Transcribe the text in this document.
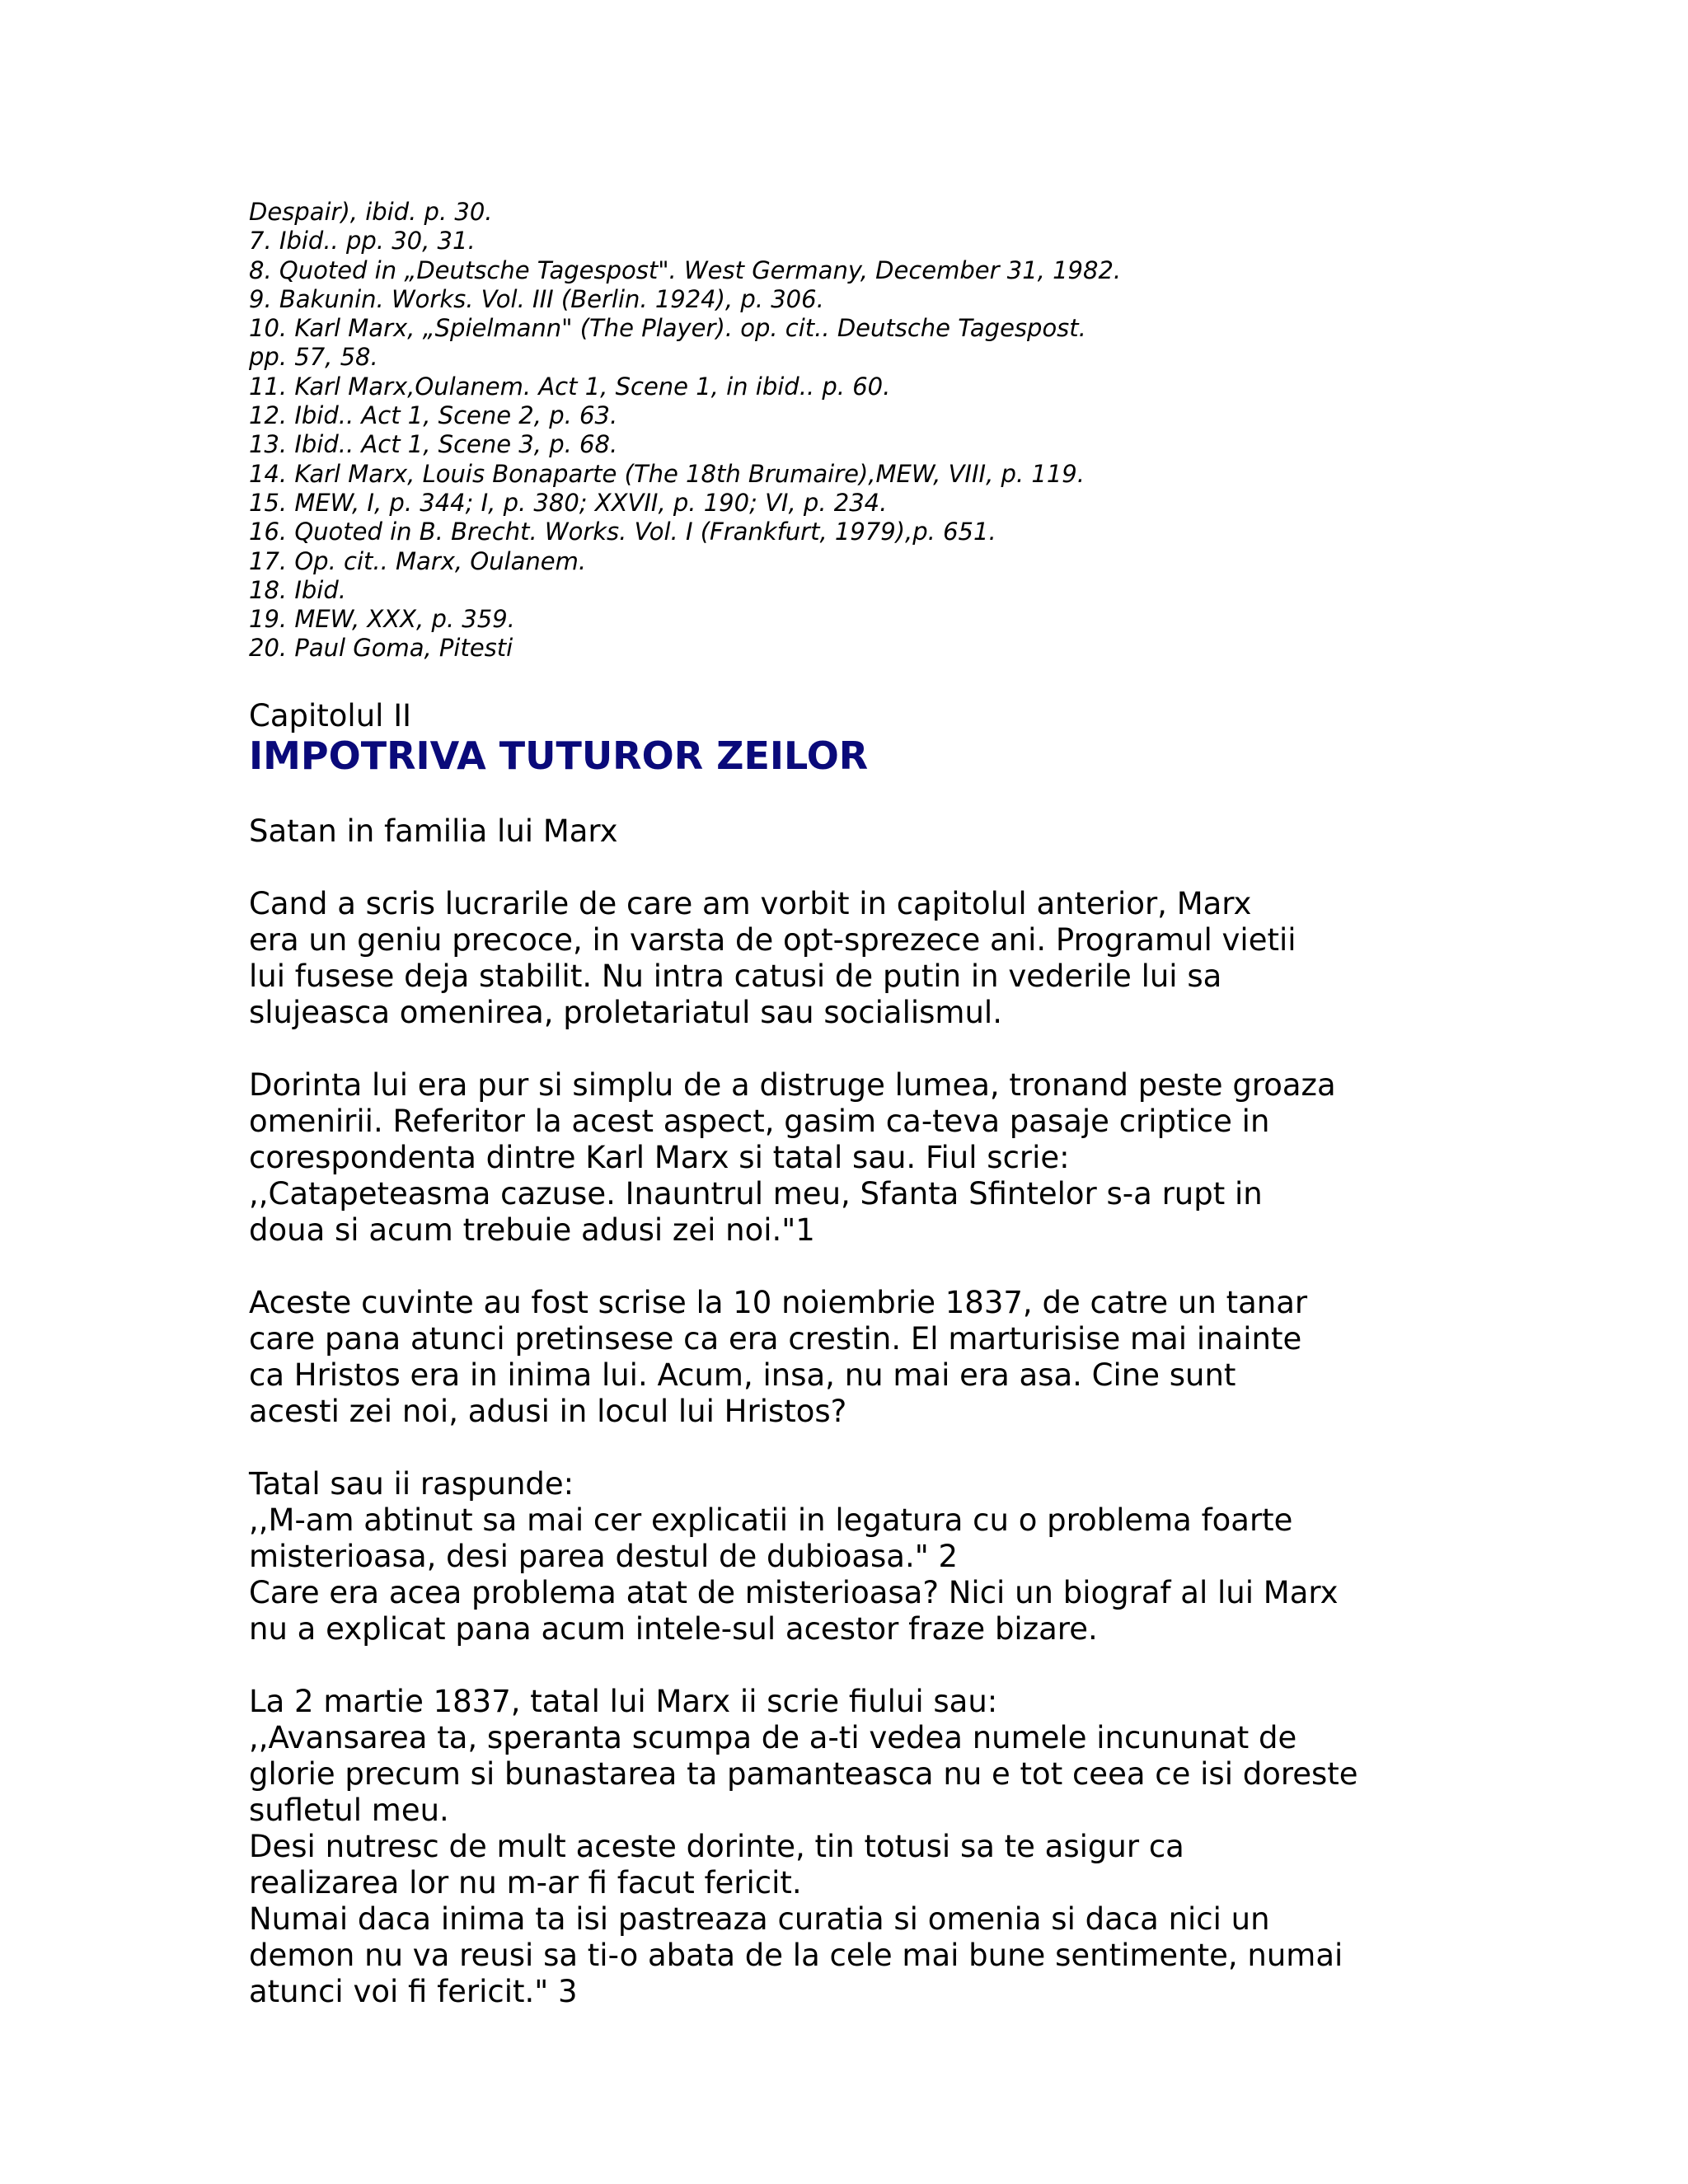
Despair), ibid. p. 30.
7. Ibid.. pp. 30, 31.
8. Quoted in „Deutsche Tagespost". West Germany, December 31, 1982.
9. Bakunin. Works. Vol. III (Berlin. 1924), p. 306.
10. Karl Marx, „Spielmann" (The Player). op. cit.. Deutsche Tagespost.
pp. 57, 58.
11. Karl Marx,Oulanem. Act 1, Scene 1, in ibid.. p. 60.
12. Ibid.. Act 1, Scene 2, p. 63.
13. Ibid.. Act 1, Scene 3, p. 68.
14. Karl Marx, Louis Bonaparte (The 18th Brumaire),MEW, VIII, p. 119.
15. MEW, I, p. 344; I, p. 380; XXVII, p. 190; VI, p. 234.
16. Quoted in B. Brecht. Works. Vol. I (Frankfurt, 1979),p. 651.
17. Op. cit.. Marx, Oulanem.
18. Ibid.
19. MEW, XXX, p. 359.
20. Paul Goma, Pitesti
Capitolul II
IMPOTRIVA TUTUROR ZEILOR
Satan in familia lui Marx
Cand a scris lucrarile de care am vorbit in capitolul anterior, Marx
era un geniu precoce, in varsta de opt-sprezece ani. Programul vietii
lui fusese deja stabilit. Nu intra catusi de putin in vederile lui sa
slujeasca omenirea, proletariatul sau socialismul.
Dorinta lui era pur si simplu de a distruge lumea, tronand peste groaza
omenirii. Referitor la acest aspect, gasim ca-teva pasaje criptice in
corespondenta dintre Karl Marx si tatal sau. Fiul scrie:
,,Catapeteasma cazuse. Inauntrul meu, Sfanta Sfintelor s-a rupt in
doua si acum trebuie adusi zei noi."1
Aceste cuvinte au fost scrise la 10 noiembrie 1837, de catre un tanar
care pana atunci pretinsese ca era crestin. El marturisise mai inainte
ca Hristos era in inima lui. Acum, insa, nu mai era asa. Cine sunt
acesti zei noi, adusi in locul lui Hristos?
Tatal sau ii raspunde:
,,M-am abtinut sa mai cer explicatii in legatura cu o problema foarte
misterioasa, desi parea destul de dubioasa." 2
Care era acea problema atat de misterioasa? Nici un biograf al lui Marx
nu a explicat pana acum intele-sul acestor fraze bizare.
La 2 martie 1837, tatal lui Marx ii scrie fiului sau:
,,Avansarea ta, speranta scumpa de a-ti vedea numele incununat de
glorie precum si bunastarea ta pamanteasca nu e tot ceea ce isi doreste
sufletul meu.
Desi nutresc de mult aceste dorinte, tin totusi sa te asigur ca
realizarea lor nu m-ar fi facut fericit.
Numai daca inima ta isi pastreaza curatia si omenia si daca nici un
demon nu va reusi sa ti-o abata de la cele mai bune sentimente, numai
atunci voi fi fericit." 3
